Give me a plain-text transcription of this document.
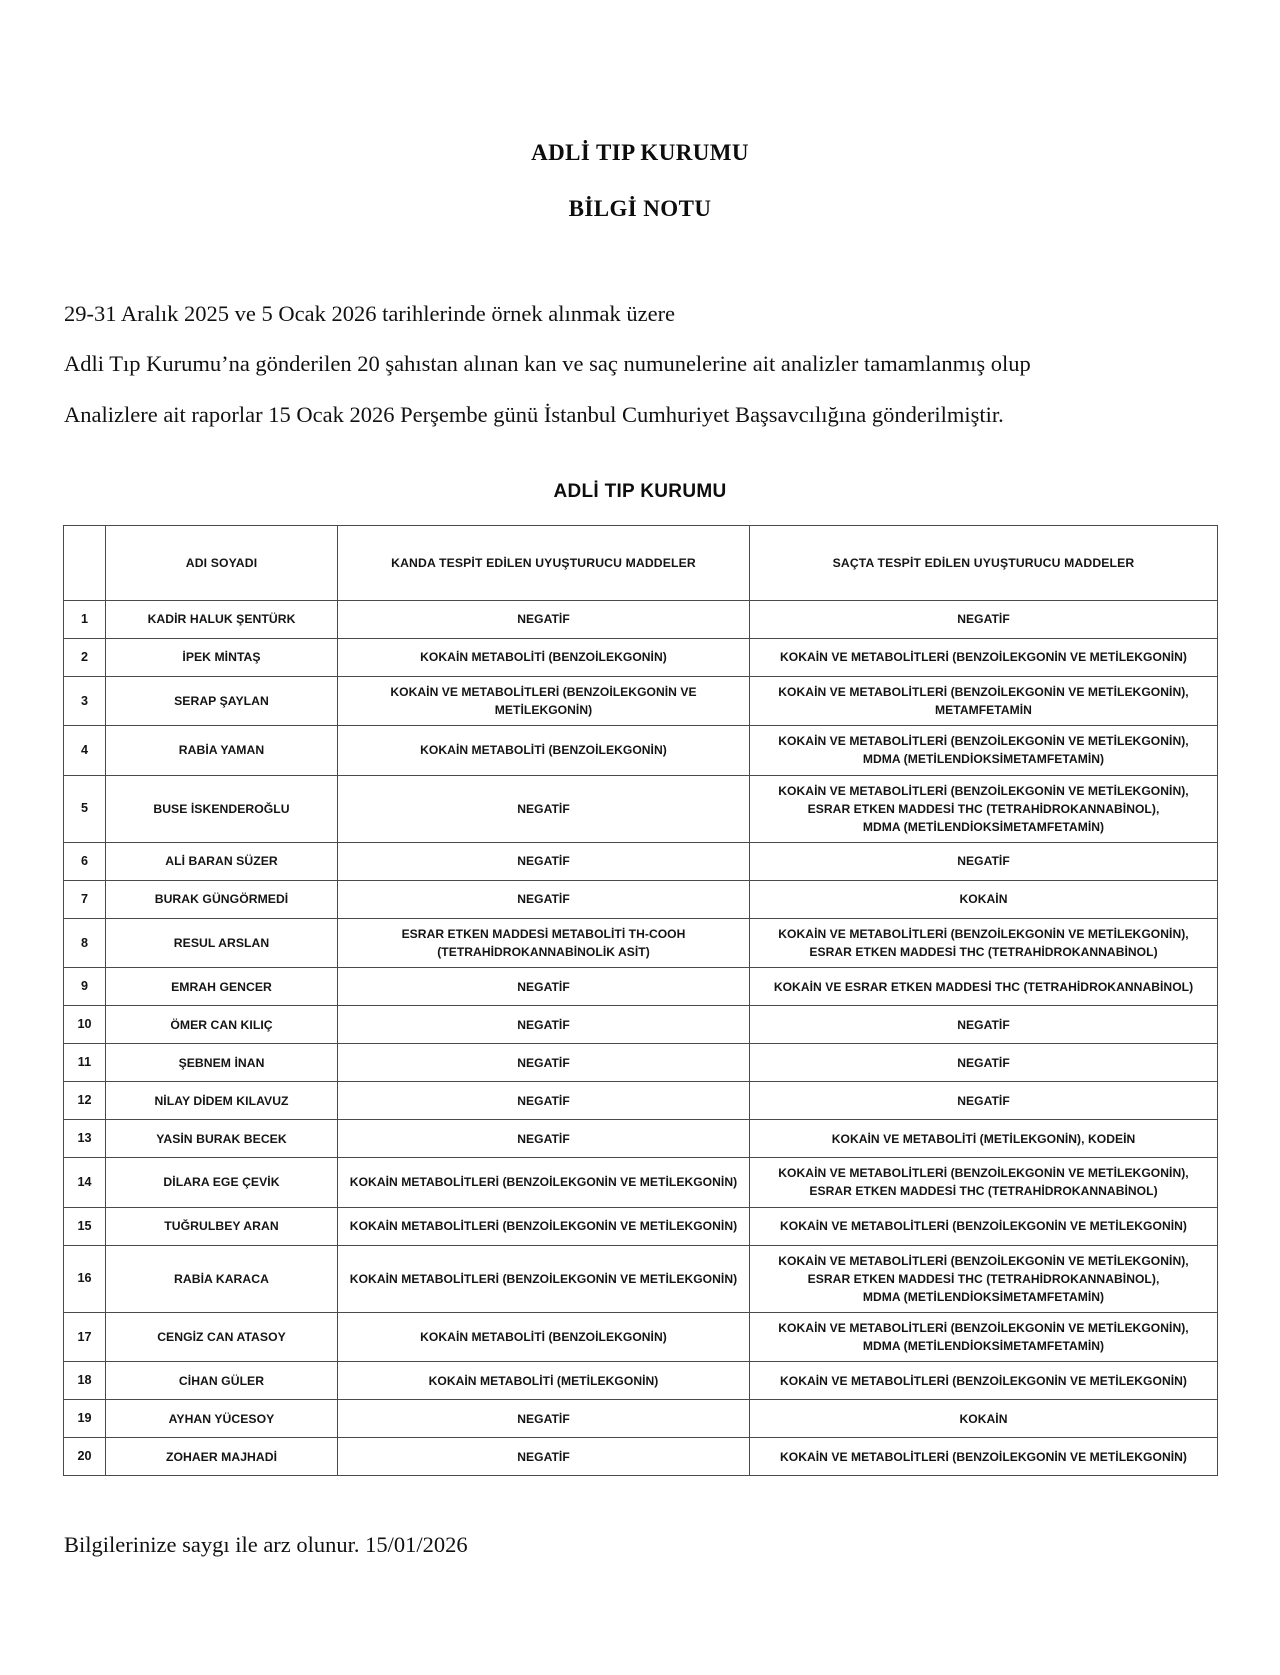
ADLİ TIP KURUMU
BİLGİ NOTU

29-31 Aralık 2025 ve 5 Ocak 2026 tarihlerinde örnek alınmak üzere

Adli Tıp Kurumu’na gönderilen 20 şahıstan alınan kan ve saç numunelerine ait analizler tamamlanmış olup

Analizlere ait raporlar 15 Ocak 2026 Perşembe günü İstanbul Cumhuriyet Başsavcılığına gönderilmiştir.

ADLİ TIP KURUMU
	ADI SOYADI	KANDA TESPİT EDİLEN UYUŞTURUCU MADDELER	SAÇTA TESPİT EDİLEN UYUŞTURUCU MADDELER
1	KADİR HALUK ŞENTÜRK	NEGATİF	NEGATİF

2	İPEK MİNTAŞ	KOKAİN METABOLİTİ (BENZOİLEKGONİN)	KOKAİN VE METABOLİTLERİ (BENZOİLEKGONİN VE METİLEKGONİN)

3	SERAP ŞAYLAN	KOKAİN VE METABOLİTLERİ (BENZOİLEKGONİN VE METİLEKGONİN)	KOKAİN VE METABOLİTLERİ (BENZOİLEKGONİN VE METİLEKGONİN),
METAMFETAMİN

4	RABİA YAMAN	KOKAİN METABOLİTİ (BENZOİLEKGONİN)	KOKAİN VE METABOLİTLERİ (BENZOİLEKGONİN VE METİLEKGONİN),
MDMA (METİLENDİOKSİMETAMFETAMİN)

5	BUSE İSKENDEROĞLU	NEGATİF	KOKAİN VE METABOLİTLERİ (BENZOİLEKGONİN VE METİLEKGONİN),
ESRAR ETKEN MADDESİ THC (TETRAHİDROKANNABİNOL),
MDMA (METİLENDİOKSİMETAMFETAMİN)

6	ALİ BARAN SÜZER	NEGATİF	NEGATİF

7	BURAK GÜNGÖRMEDİ	NEGATİF	KOKAİN

8	RESUL ARSLAN	ESRAR ETKEN MADDESİ METABOLİTİ TH-COOH
(TETRAHİDROKANNABİNOLİK ASİT)	KOKAİN VE METABOLİTLERİ (BENZOİLEKGONİN VE METİLEKGONİN),
ESRAR ETKEN MADDESİ THC (TETRAHİDROKANNABİNOL)

9	EMRAH GENCER	NEGATİF	KOKAİN VE ESRAR ETKEN MADDESİ THC (TETRAHİDROKANNABİNOL)

10	ÖMER CAN KILIÇ	NEGATİF	NEGATİF

11	ŞEBNEM İNAN	NEGATİF	NEGATİF

12	NİLAY DİDEM KILAVUZ	NEGATİF	NEGATİF

13	YASİN BURAK BECEK	NEGATİF	KOKAİN VE METABOLİTİ (METİLEKGONİN), KODEİN

14	DİLARA EGE ÇEVİK	KOKAİN METABOLİTLERİ (BENZOİLEKGONİN VE METİLEKGONİN)	KOKAİN VE METABOLİTLERİ (BENZOİLEKGONİN VE METİLEKGONİN),
ESRAR ETKEN MADDESİ THC (TETRAHİDROKANNABİNOL)

15	TUĞRULBEY ARAN	KOKAİN METABOLİTLERİ (BENZOİLEKGONİN VE METİLEKGONİN)	KOKAİN VE METABOLİTLERİ (BENZOİLEKGONİN VE METİLEKGONİN)

16	RABİA KARACA	KOKAİN METABOLİTLERİ (BENZOİLEKGONİN VE METİLEKGONİN)	KOKAİN VE METABOLİTLERİ (BENZOİLEKGONİN VE METİLEKGONİN),
ESRAR ETKEN MADDESİ THC (TETRAHİDROKANNABİNOL),
MDMA (METİLENDİOKSİMETAMFETAMİN)

17	CENGİZ CAN ATASOY	KOKAİN METABOLİTİ (BENZOİLEKGONİN)	KOKAİN VE METABOLİTLERİ (BENZOİLEKGONİN VE METİLEKGONİN),
MDMA (METİLENDİOKSİMETAMFETAMİN)

18	CİHAN GÜLER	KOKAİN METABOLİTİ (METİLEKGONİN)	KOKAİN VE METABOLİTLERİ (BENZOİLEKGONİN VE METİLEKGONİN)

19	AYHAN YÜCESOY	NEGATİF	KOKAİN

20	ZOHAER MAJHADİ	NEGATİF	KOKAİN VE METABOLİTLERİ (BENZOİLEKGONİN VE METİLEKGONİN)
Bilgilerinize saygı ile arz olunur. 15/01/2026
